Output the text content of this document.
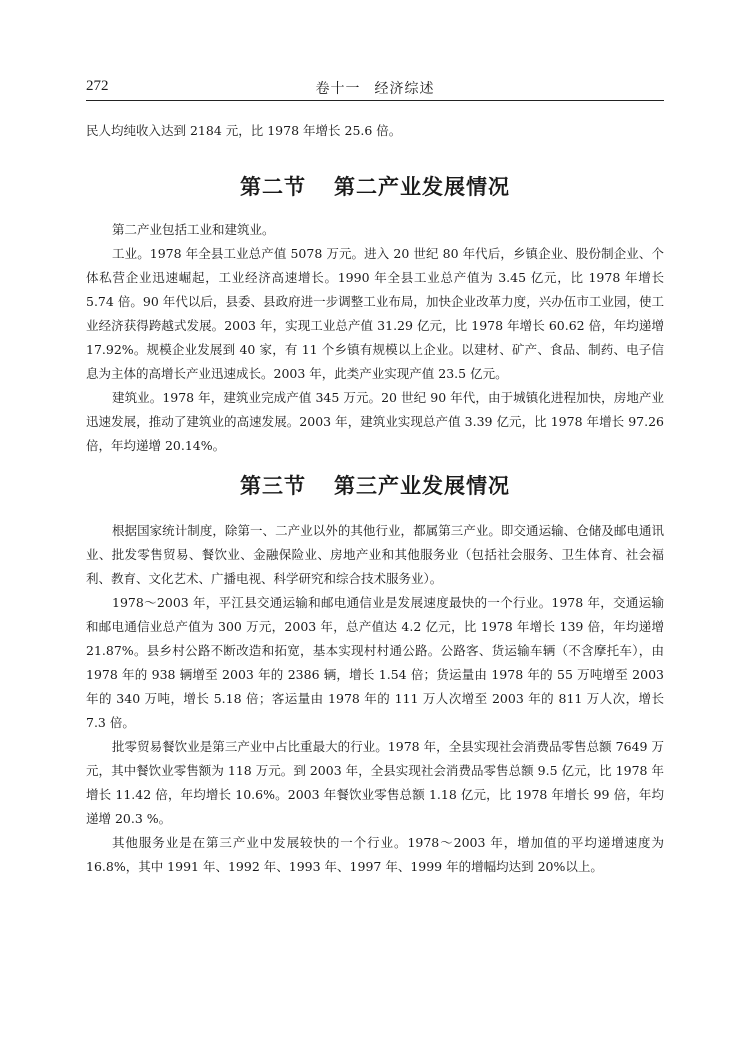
272	卷十一 经济综述

民人均纯收入达到 2184 元，比 1978 年增长 25.6 倍。

第二节 第二产业发展情况

第二产业包括工业和建筑业。

工业。1978 年全县工业总产值 5078 万元。进入 20 世纪 80 年代后，乡镇企业、股份制企业、个体私营企业迅速崛起，工业经济高速增长。1990 年全县工业总产值为 3.45 亿元，比 1978 年增长 5.74 倍。90 年代以后，县委、县政府进一步调整工业布局，加快企业改革力度，兴办伍市工业园，使工业经济获得跨越式发展。2003 年，实现工业总产值 31.29 亿元，比 1978 年增长 60.62 倍，年均递增 17.92%。规模企业发展到 40 家，有 11 个乡镇有规模以上企业。以建材、矿产、食品、制药、电子信息为主体的高增长产业迅速成长。2003 年，此类产业实现产值 23.5 亿元。

建筑业。1978 年，建筑业完成产值 345 万元。20 世纪 90 年代，由于城镇化进程加快，房地产业迅速发展，推动了建筑业的高速发展。2003 年，建筑业实现总产值 3.39 亿元，比 1978 年增长 97.26 倍，年均递增 20.14%。

第三节 第三产业发展情况

根据国家统计制度，除第一、二产业以外的其他行业，都属第三产业。即交通运输、仓储及邮电通讯业、批发零售贸易、餐饮业、金融保险业、房地产业和其他服务业（包括社会服务、卫生体育、社会福利、教育、文化艺术、广播电视、科学研究和综合技术服务业）。

1978～2003 年，平江县交通运输和邮电通信业是发展速度最快的一个行业。1978 年，交通运输和邮电通信业总产值为 300 万元，2003 年，总产值达 4.2 亿元，比 1978 年增长 139 倍，年均递增 21.87%。县乡村公路不断改造和拓宽，基本实现村村通公路。公路客、货运输车辆（不含摩托车），由 1978 年的 938 辆增至 2003 年的 2386 辆，增长 1.54 倍；货运量由 1978 年的 55 万吨增至 2003 年的 340 万吨，增长 5.18 倍；客运量由 1978 年的 111 万人次增至 2003 年的 811 万人次，增长 7.3 倍。

批零贸易餐饮业是第三产业中占比重最大的行业。1978 年，全县实现社会消费品零售总额 7649 万元，其中餐饮业零售额为 118 万元。到 2003 年，全县实现社会消费品零售总额 9.5 亿元，比 1978 年增长 11.42 倍，年均增长 10.6%。2003 年餐饮业零售总额 1.18 亿元，比 1978 年增长 99 倍，年均递增 20.3 %。

其他服务业是在第三产业中发展较快的一个行业。1978～2003 年，增加值的平均递增速度为 16.8%，其中 1991 年、1992 年、1993 年、1997 年、1999 年的增幅均达到 20%以上。
